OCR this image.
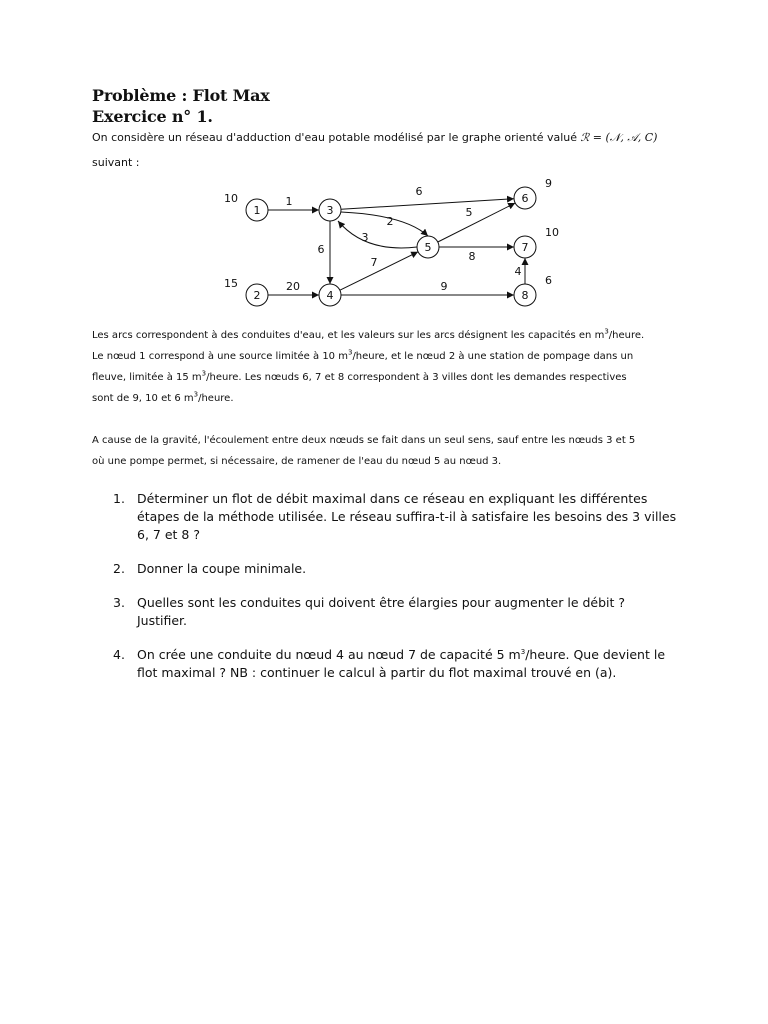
Problème : Flot Max
Exercice n° 1.
On considère un réseau d'adduction d'eau potable modélisé par le graphe orienté valué ℛ = (𝒩, 𝒜, C)
suivant :
1
20
6
2
3
6
7
5
8
9
4
1
2
3
4
5
6
7
8
10
15
9
10
6

Les arcs correspondent à des conduites d'eau, et les valeurs sur les arcs désignent les capacités en $m^3$/heure.

Le nœud 1 correspond à une source limitée à 10 $m^3$/heure, et le nœud 2 à une station de pompage dans un

fleuve, limitée à 15 $m^3$/heure. Les nœuds 6, 7 et 8 correspondent à 3 villes dont les demandes respectives

sont de 9, 10 et 6 $m^3$/heure.

A cause de la gravité, l'écoulement entre deux nœuds se fait dans un seul sens, sauf entre les nœuds 3 et 5

où une pompe permet, si nécessaire, de ramener de l'eau du nœud 5 au nœud 3.

1. Déterminer un flot de débit maximal dans ce réseau en expliquant les différentes étapes de la méthode utilisée. Le réseau suffira-t-il à satisfaire les besoins des 3 villes 6, 7 et 8 ?
2. Donner la coupe minimale.
3. Quelles sont les conduites qui doivent être élargies pour augmenter le débit ? Justifier.
4. On crée une conduite du nœud 4 au nœud 7 de capacité 5 $m^3$/heure. Que devient le flot maximal ? NB : continuer le calcul à partir du flot maximal trouvé en (a).
